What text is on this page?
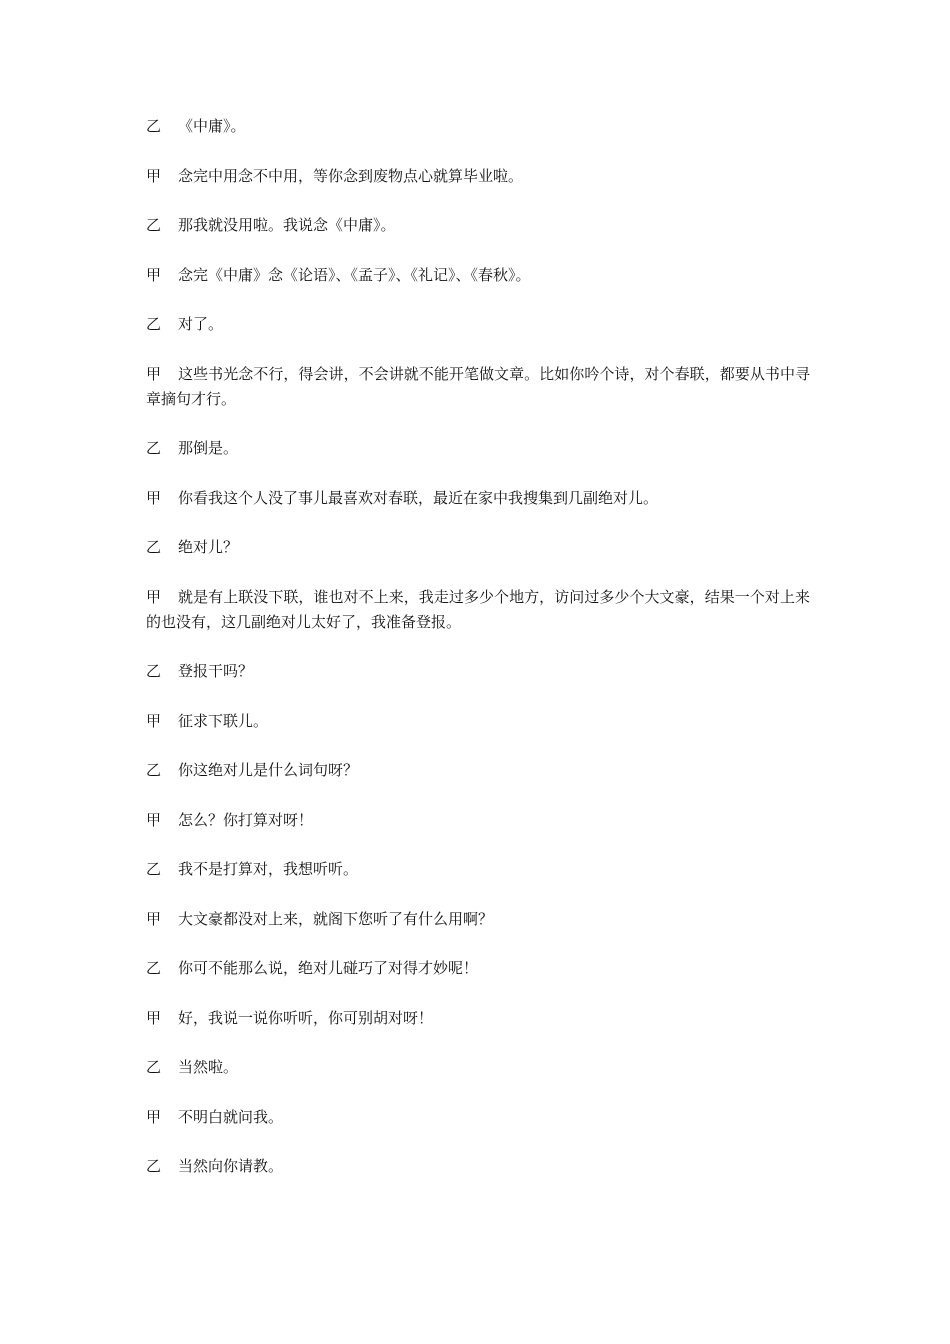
乙 《中庸》。

甲 念完中用念不中用，等你念到废物点心就算毕业啦。

乙 那我就没用啦。我说念《中庸》。

甲 念完《中庸》念《论语》、《孟子》、《礼记》、《春秋》。

乙 对了。

甲 这些书光念不行，得会讲，不会讲就不能开笔做文章。比如你吟个诗，对个春联，都要从书中寻章摘句才行。

乙 那倒是。

甲 你看我这个人没了事儿最喜欢对春联，最近在家中我搜集到几副绝对儿。

乙 绝对儿？

甲 就是有上联没下联，谁也对不上来，我走过多少个地方，访问过多少个大文豪，结果一个对上来的也没有，这几副绝对儿太好了，我准备登报。

乙 登报干吗？

甲 征求下联儿。

乙 你这绝对儿是什么词句呀？

甲 怎么？你打算对呀！

乙 我不是打算对，我想听听。

甲 大文豪都没对上来，就阁下您听了有什么用啊？

乙 你可不能那么说，绝对儿碰巧了对得才妙呢！

甲 好，我说一说你听听，你可别胡对呀！

乙 当然啦。

甲 不明白就问我。

乙 当然向你请教。
